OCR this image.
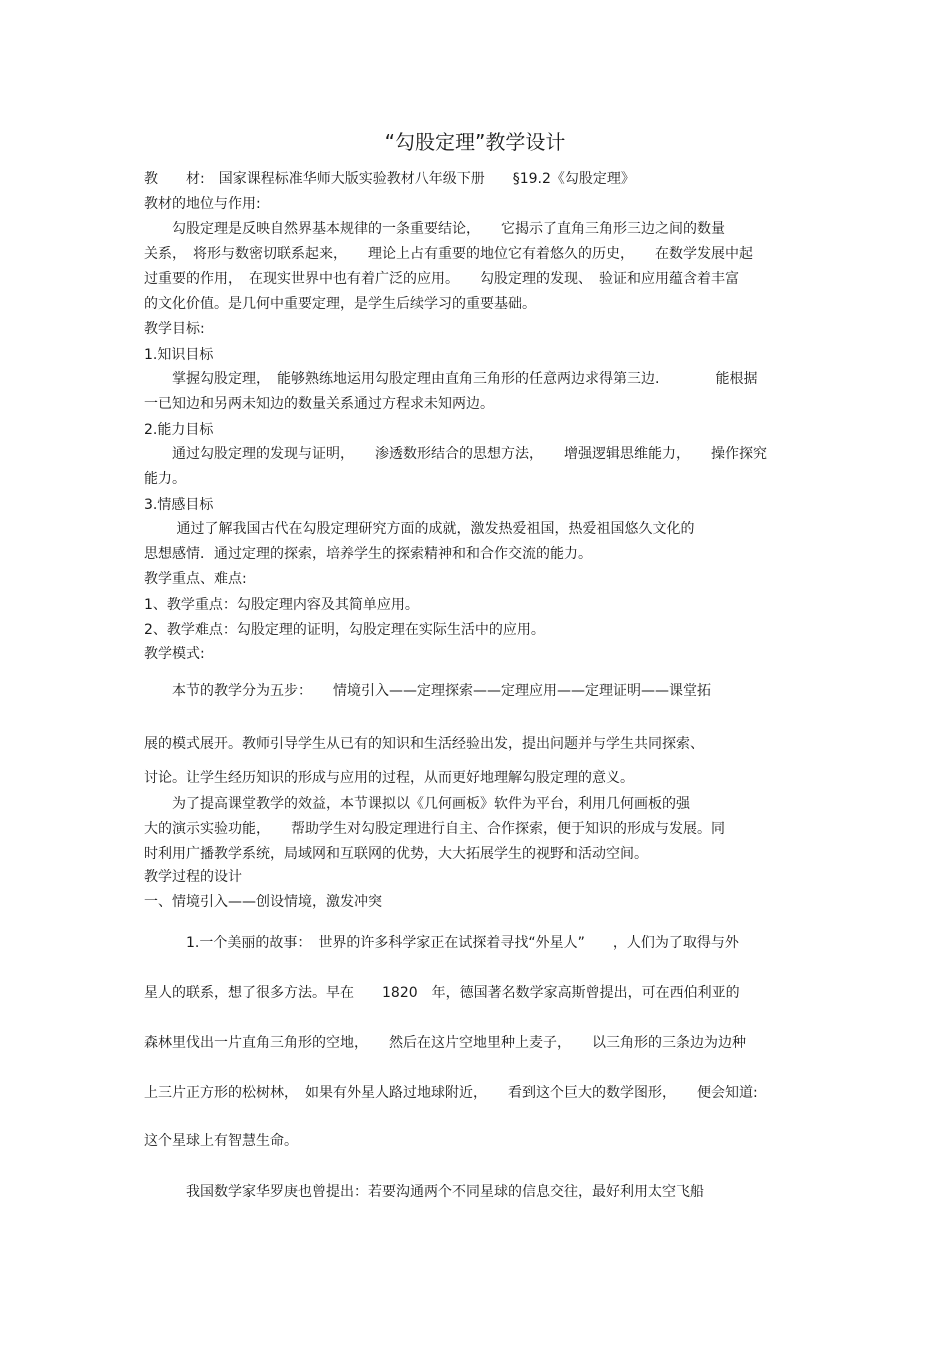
“勾股定理”教学设计
教　　材:　国家课程标准华师大版实验教材八年级下册　　§19.2《勾股定理》
教材的地位与作用:
　　勾股定理是反映自然界基本规律的一条重要结论，　　它揭示了直角三角形三边之间的数量
关系，　将形与数密切联系起来，　　理论上占有重要的地位它有着悠久的历史，　　在数学发展中起
过重要的作用，　在现实世界中也有着广泛的应用。　　勾股定理的发现、　验证和应用蕴含着丰富
的文化价值。是几何中重要定理，是学生后续学习的重要基础。
教学目标:
1.知识目标
　　掌握勾股定理，　能够熟练地运用勾股定理由直角三角形的任意两边求得第三边.　　　　能根据
一已知边和另两未知边的数量关系通过方程求未知两边。
2.能力目标
　　通过勾股定理的发现与证明，　　渗透数形结合的思想方法，　　增强逻辑思维能力，　　操作探究
能力。
3.情感目标
　　 通过了解我国古代在勾股定理研究方面的成就，激发热爱祖国，热爱祖国悠久文化的
思想感情．通过定理的探索，培养学生的探索精神和和合作交流的能力。
教学重点、难点:
1、教学重点：勾股定理内容及其简单应用。
2、教学难点：勾股定理的证明，勾股定理在实际生活中的应用。
教学模式:
　　本节的教学分为五步：　　情境引入——定理探索——定理应用——定理证明——课堂拓
展的模式展开。教师引导学生从已有的知识和生活经验出发，提出问题并与学生共同探索、
讨论。让学生经历知识的形成与应用的过程，从而更好地理解勾股定理的意义。
　　为了提高课堂教学的效益，本节课拟以《几何画板》软件为平台，利用几何画板的强
大的演示实验功能，　　帮助学生对勾股定理进行自主、合作探索，便于知识的形成与发展。同
时利用广播教学系统，局域网和互联网的优势，大大拓展学生的视野和活动空间。
教学过程的设计
一、情境引入——创设情境，激发冲突
　　　1.一个美丽的故事：　世界的许多科学家正在试探着寻找“外星人”　　，人们为了取得与外
星人的联系，想了很多方法。早在　　1820　年，德国著名数学家高斯曾提出，可在西伯利亚的
森林里伐出一片直角三角形的空地，　　然后在这片空地里种上麦子，　　以三角形的三条边为边种
上三片正方形的松树林，　如果有外星人路过地球附近，　　看到这个巨大的数学图形，　　便会知道:
这个星球上有智慧生命。
　　　我国数学家华罗庚也曾提出：若要沟通两个不同星球的信息交往，最好利用太空飞船
